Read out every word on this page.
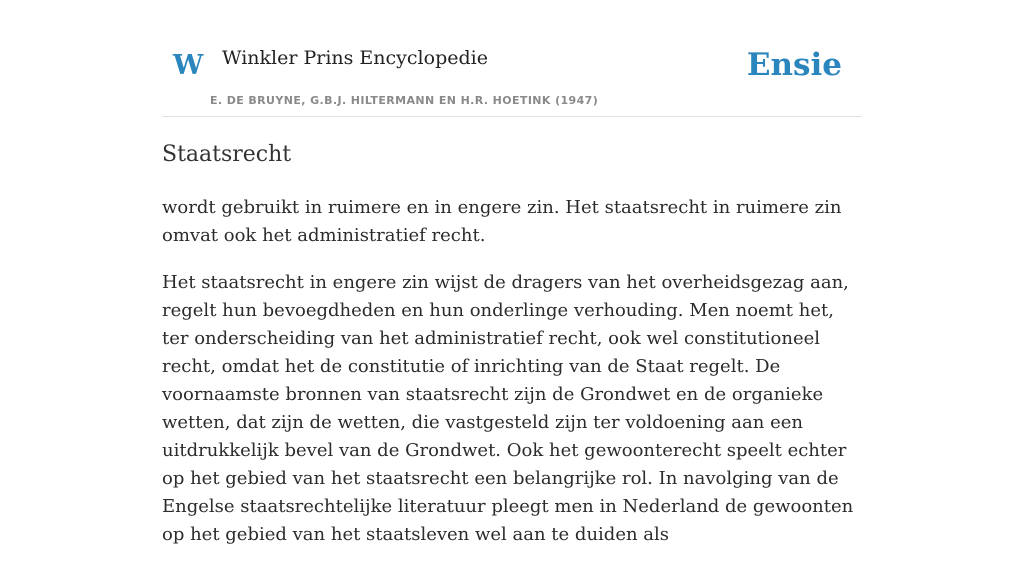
W Winkler Prins Encyclopedie
E. DE BRUYNE, G.B.J. HILTERMANN EN H.R. HOETINK (1947)
Ensie
Staatsrecht

wordt gebruikt in ruimere en in engere zin. Het staatsrecht in ruimere zin omvat ook het administratief recht.

Het staatsrecht in engere zin wijst de dragers van het overheidsgezag aan, regelt hun bevoegdheden en hun onderlinge verhouding. Men noemt het, ter onderscheiding van het administratief recht, ook wel constitutioneel recht, omdat het de constitutie of inrichting van de Staat regelt. De voornaamste bronnen van staatsrecht zijn de Grondwet en de organieke wetten, dat zijn de wetten, die vastgesteld zijn ter voldoening aan een uitdrukkelijk bevel van de Grondwet. Ook het gewoonterecht speelt echter op het gebied van het staatsrecht een belangrijke rol. In navolging van de Engelse staatsrechtelijke literatuur pleegt men in Nederland de gewoonten op het gebied van het staatsleven wel aan te duiden als
